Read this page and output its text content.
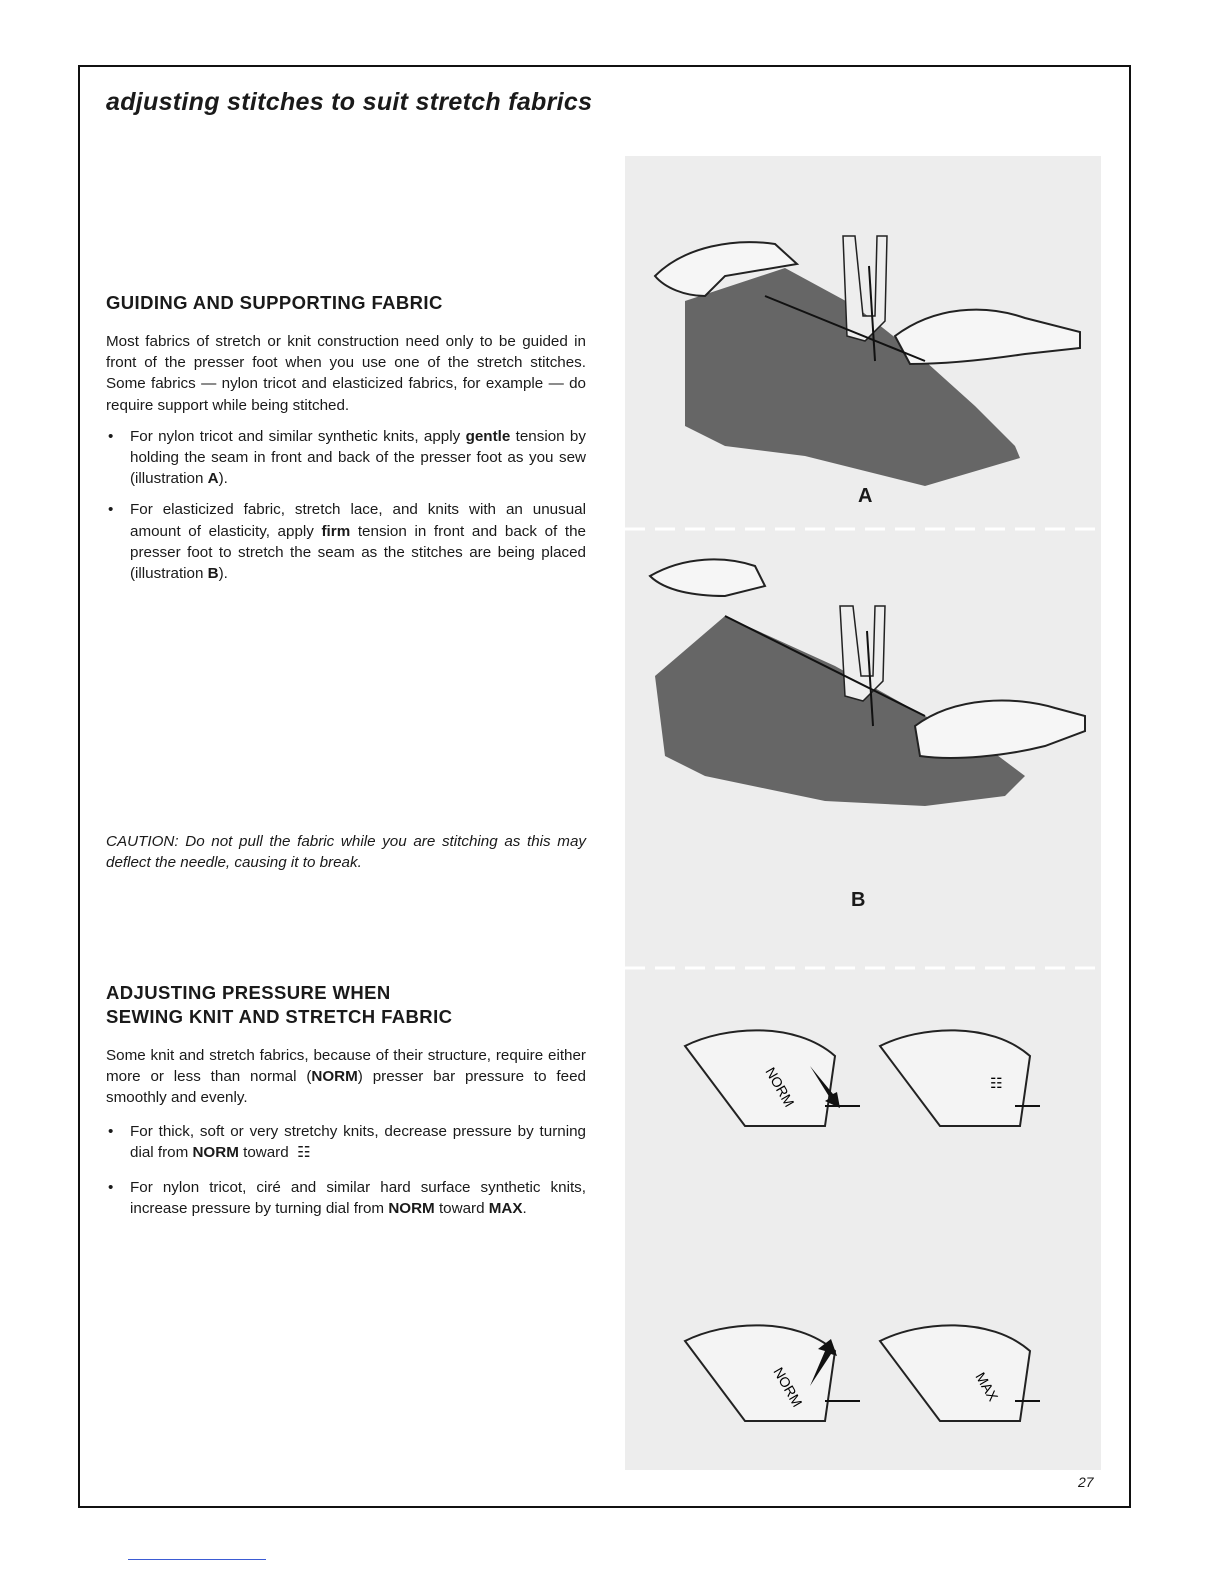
adjusting stitches to suit stretch fabrics
GUIDING AND SUPPORTING FABRIC

Most fabrics of stretch or knit construction need only to be guided in front of the presser foot when you use one of the stretch stitches. Some fabrics — nylon tricot and elasticized fabrics, for example — do require support while being stitched.

• For nylon tricot and similar synthetic knits, apply gentle tension by holding the seam in front and back of the presser foot as you sew (illustration A).
• For elasticized fabric, stretch lace, and knits with an unusual amount of elasticity, apply firm tension in front and back of the presser foot to stretch the seam as the stitches are being placed (illustration B).

CAUTION: Do not pull the fabric while you are stitching as this may deflect the needle, causing it to break.

ADJUSTING PRESSURE WHEN
SEWING KNIT AND STRETCH FABRIC

Some knit and stretch fabrics, because of their structure, require either more or less than normal (NORM) presser bar pressure to feed smoothly and evenly.

• For thick, soft or very stretchy knits, decrease pressure by turning dial from NORM toward ☷
• For nylon tricot, ciré and similar hard surface synthetic knits, increase pressure by turning dial from NORM toward MAX.
A
B
NORM	☷
NORM	MAX
27
